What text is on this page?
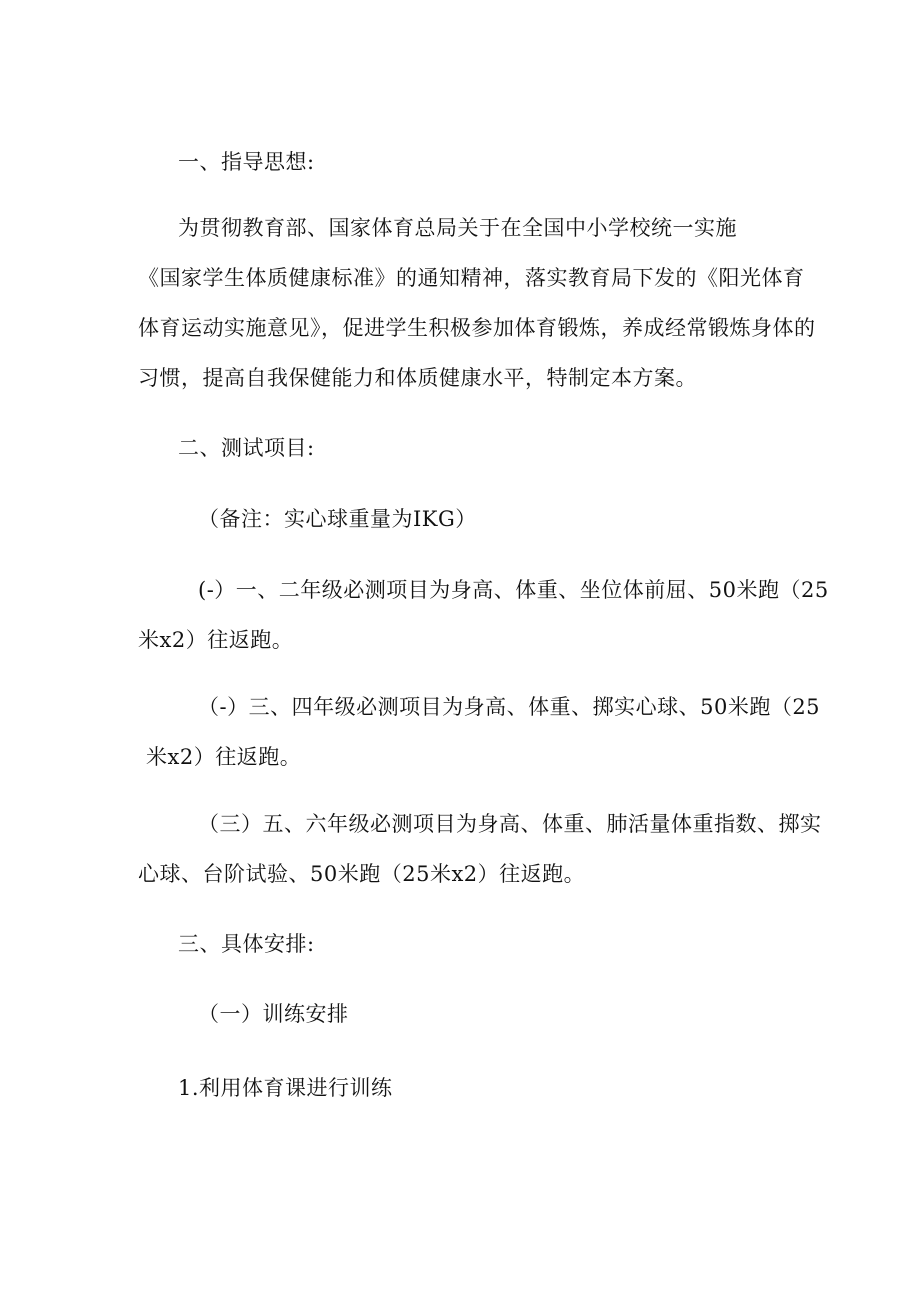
一、指导思想:
为贯彻教育部、国家体育总局关于在全国中小学校统一实施
《国家学生体质健康标准》的通知精神，落实教育局下发的《阳光体育
体育运动实施意见》，促进学生积极参加体育锻炼，养成经常锻炼身体的
习惯，提高自我保健能力和体质健康水平，特制定本方案。
二、测试项目:
（备注：实心球重量为IKG）
(-）一、二年级必测项目为身高、体重、坐位体前屈、50米跑（25
米x2）往返跑。
（-）三、四年级必测项目为身高、体重、掷实心球、50米跑（25
米x2）往返跑。
（三）五、六年级必测项目为身高、体重、肺活量体重指数、掷实
心球、台阶试验、50米跑（25米x2）往返跑。
三、具体安排:
（一）训练安排
1.利用体育课进行训练
